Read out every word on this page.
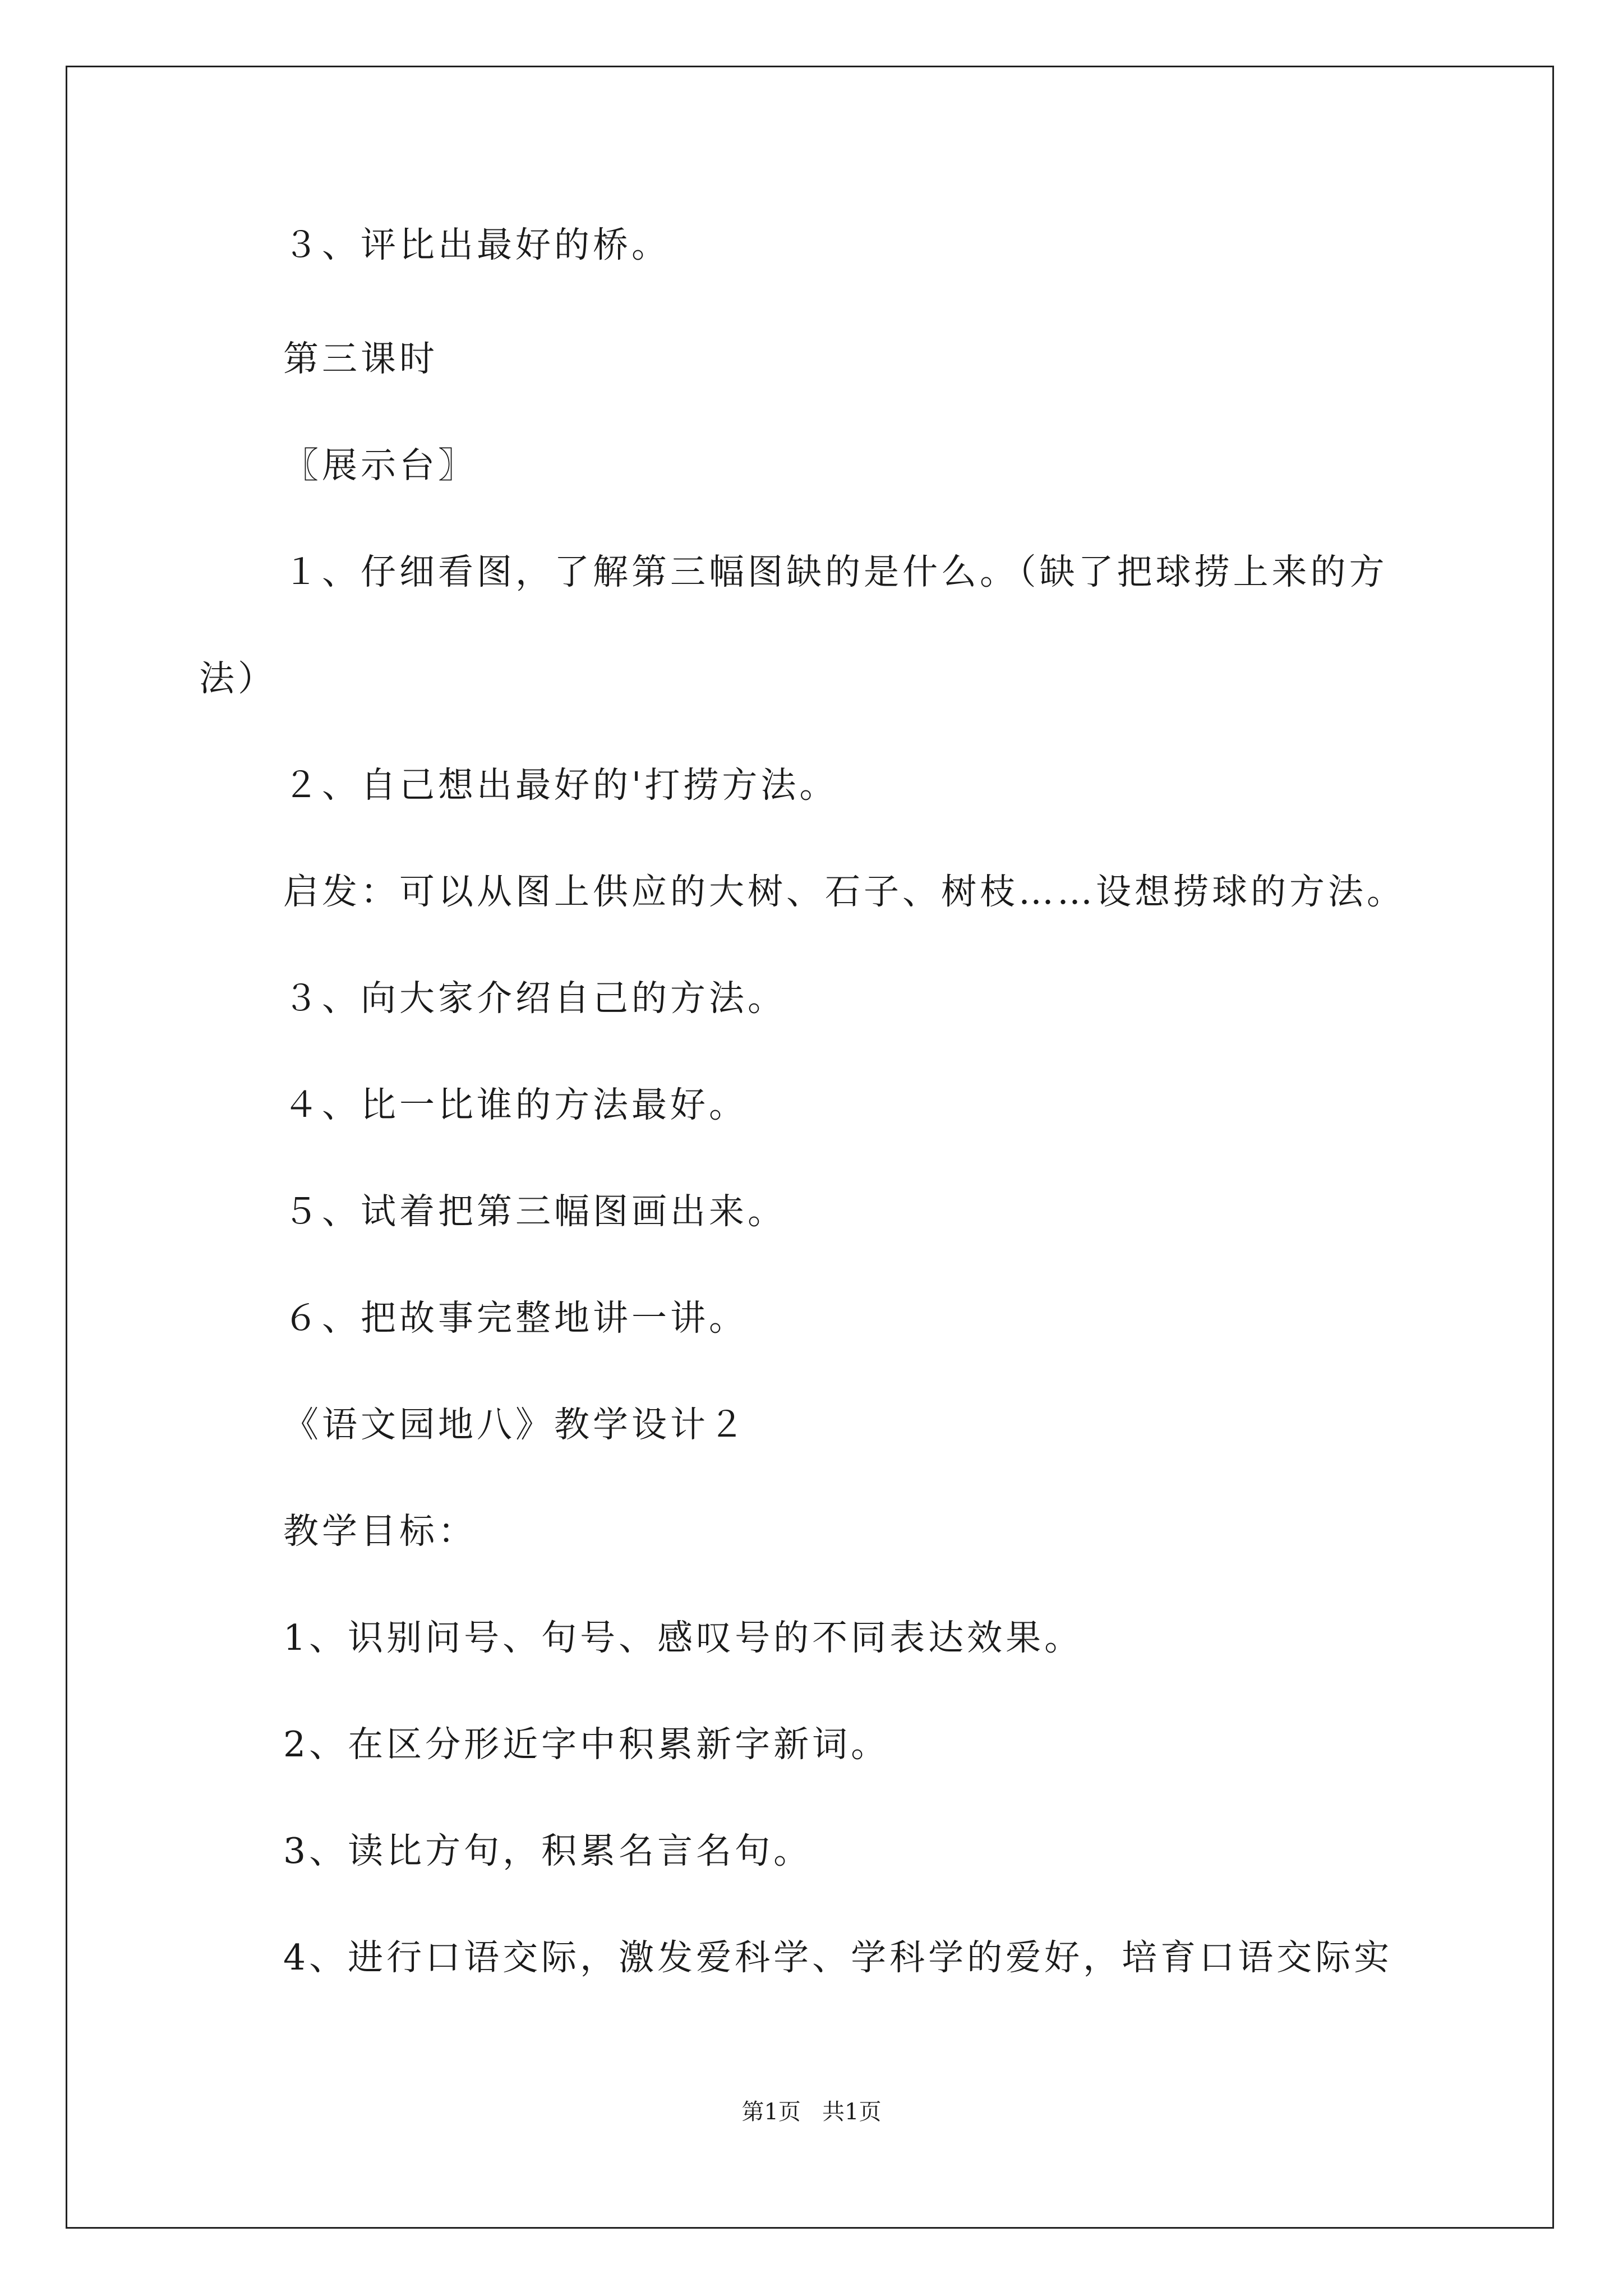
３、评比出最好的桥。
第三课时
〖展示台〗
１、仔细看图，了解第三幅图缺的是什么。（缺了把球捞上来的方
法）
２、自己想出最好的'打捞方法。
启发：可以从图上供应的大树、石子、树枝……设想捞球的方法。
３、向大家介绍自己的方法。
４、比一比谁的方法最好。
５、试着把第三幅图画出来。
６、把故事完整地讲一讲。
《语文园地八》教学设计２
教学目标：
1、识别问号、句号、感叹号的不同表达效果。
2、在区分形近字中积累新字新词。
3、读比方句，积累名言名句。
4、进行口语交际，激发爱科学、学科学的爱好，培育口语交际实
第1页   共1页
